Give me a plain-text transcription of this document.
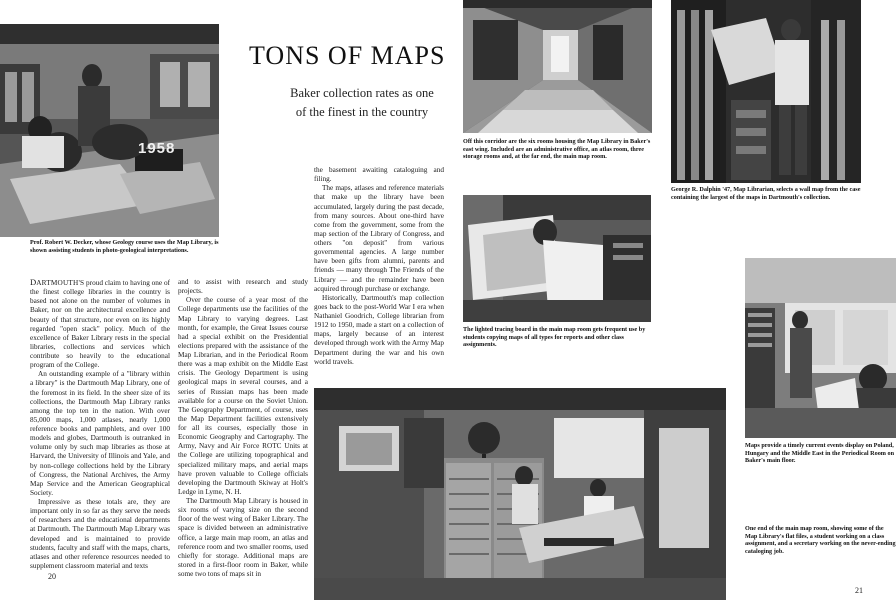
1958
TONS OF MAPS
Baker collection rates as one
of the finest in the country
Prof. Robert W. Decker, whose Geology course uses the Map Library, is shown assisting students in photo-geological interpretations.
Off this corridor are the six rooms housing the Map Library in Baker's east wing. Included are an administrative office, an atlas room, three storage rooms and, at the far end, the main map room.
George R. Dalphin '47, Map Librarian, selects a wall map from the case containing the largest of the maps in Dartmouth's collection.
The lighted tracing board in the main map room gets frequent use by students copying maps of all types for reports and other class assignments.
Maps provide a timely current events display on Poland, Hungary and the Middle East in the Periodical Room on Baker's main floor.
One end of the main map room, showing some of the Map Library's flat files, a student working on a class assignment, and a secretary working on the never-ending cataloging job.

DARTMOUTH'S proud claim to having one of the finest college libraries in the country is based not alone on the number of volumes in Baker, nor on the architectural excellence and beauty of that structure, nor even on its highly regarded "open stack" policy. Much of the excellence of Baker Library rests in the special libraries, collections and services which contribute so heavily to the educational program of the College.

An outstanding example of a "library within a library" is the Dartmouth Map Library, one of the foremost in its field. In the sheer size of its collections, the Dartmouth Map Library ranks among the top ten in the nation. With over 85,000 maps, 1,000 atlases, nearly 1,000 reference books and pamphlets, and over 100 models and globes, Dartmouth is outranked in volume only by such map libraries as those at Harvard, the University of Illinois and Yale, and by non-college collections held by the Library of Congress, the National Archives, the Army Map Service and the American Geographical Society.

Impressive as these totals are, they are important only in so far as they serve the needs of researchers and the educational departments at Dartmouth. The Dartmouth Map Library was developed and is maintained to provide students, faculty and staff with the maps, charts, atlases and other reference resources needed to supplement classroom material and texts

and to assist with research and study projects.

Over the course of a year most of the College departments use the facilities of the Map Library to varying degrees. Last month, for example, the Great Issues course had a special exhibit on the Presidential elections prepared with the assistance of the Map Librarian, and in the Periodical Room there was a map exhibit on the Middle East crisis. The Geology Department is using geological maps in several courses, and a series of Russian maps has been made available for a course on the Soviet Union. The Geography Department, of course, uses the Map Department facilities extensively for all its courses, especially those in Economic Geography and Cartography. The Army, Navy and Air Force ROTC Units at the College are utilizing topographical and specialized military maps, and aerial maps have proven valuable to College officials developing the Dartmouth Skiway at Holt's Ledge in Lyme, N. H.

The Dartmouth Map Library is housed in six rooms of varying size on the second floor of the west wing of Baker Library. The space is divided between an administrative office, a large main map room, an atlas and reference room and two smaller rooms, used chiefly for storage. Additional maps are stored in a first-floor room in Baker, while some two tons of maps sit in

the basement awaiting cataloguing and filing.

The maps, atlases and reference materials that make up the library have been accumulated, largely during the past decade, from many sources. About one-third have come from the government, some from the map section of the Library of Congress, and others "on deposit" from various governmental agencies. A large number have been gifts from alumni, parents and friends — many through The Friends of the Library — and the remainder have been acquired through purchase or exchange.

Historically, Dartmouth's map collection goes back to the post-World War I era when Nathaniel Goodrich, College librarian from 1912 to 1950, made a start on a collection of maps, largely because of an interest developed through work with the Army Map Department during the war and his own world travels.

20
21
